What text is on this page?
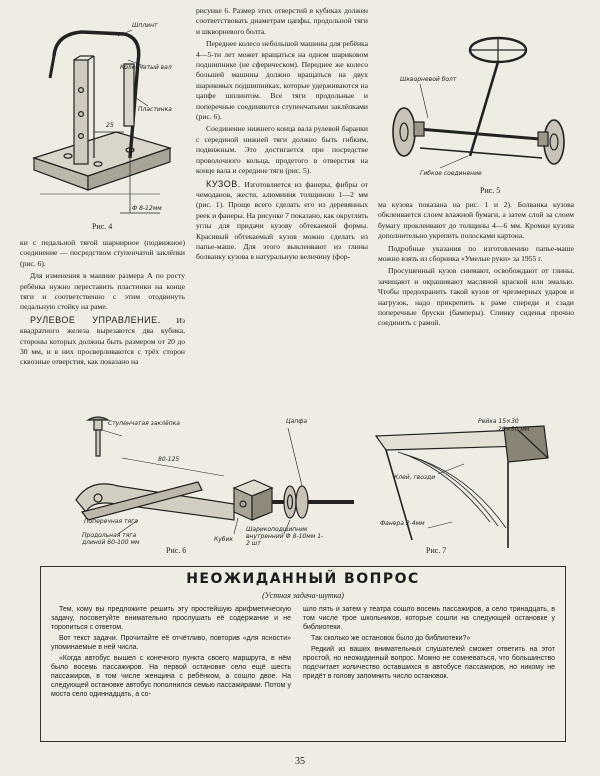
Шплинт
Коленчатый вал
Пластинка
25
Ф 8-12мм
Рис. 4

ки с педальной тягой шарнирное (подвижное) соединение — посредством ступенчатой заклёпки (рис. 6).

Для изменения в машине размера А по росту ребёнка нужно переставить пластинки на конце тяги и соответственно с этим отодвинуть педальную стойку на раме.

РУЛЕВОЕ УПРАВЛЕНИЕ. Из квадратного железа вырезаются два кубика, стороны которых должны быть размером от 20 до 30 мм, и в них просверливаются с трёх сторон сквозные отверстия, как показано на

рисунке 6. Размер этих отверстий в кубиках должен соответствовать диаметрам цапфы, продольной тяги и шкворневого болта.

Переднее колесо небольшой машины для ребёнка 4—5-ти лет может вращаться на одном шариковом подшипнике (не сферическом). Переднее же колесо большей машины должно вращаться на двух шариковых подшипниках, которые удерживаются на цапфе шплинтом. Все тяги продольные и поперечные соединяются ступенчатыми заклёпками (рис. 6).

Соединение нижнего конца вала рулевой баранки с серединой нижней тяги должно быть гибким, подвижным. Это достигается при посредстве проволочного кольца, продетого в отверстия на конце вала и середине тяги (рис. 5).

КУЗОВ. Изготовляется из фанеры, фибры от чемоданов, жести, алюминия толщиною 1—2 мм (рис. 1). Проще всего сделать его из деревянных реек и фанеры. На рисунке 7 показано, как округлять углы для придачи кузову обтекаемой формы. Красивый обтекаемый кузов можно сделать из папье-маше. Для этого выклеивают из глины болванку кузова в натуральную величину (фор-

Шкворневой болт
Гибкое соединение
Рис. 5

ма кузова показана на рис. 1 и 2). Болванка кузова обклеивается слоем влажной бумаги, а затем слой за слоем бумагу проклеивают до толщины 4—6 мм. Кромки кузова дополнительно укрепить полосками картона.

Подробные указания по изготовлению папье-маше можно взять из сборника «Умелые руки» за 1955 г.

Просушенный кузов снимают, освобождают от глины, зачищают и окрашивают масляной краской или эмалью. Чтобы предохранить такой кузов от чрезмерных ударов и нагрузок, надо прикрепить к раме спереди и сзади поперечные бруски (бамперы). Спинку сиденья прочно соединить с рамой.

Ступенчатая заклёпка
80-125
Поперечная тяга
Продольная тяга длиной 60-100 мм	Кубик
Шарикоподшипник внутренний Ф 8-10мм 1-2 шт
Цапфа
Рис. 6
Рейка 15×30
20×50 мм
Клей, гвозди
Фанера 2-4мм
Рис. 7
НЕОЖИДАННЫЙ ВОПРОС
(Устная задача-шутка)

Тем, кому вы предложите решить эту простейшую арифметическую задачу, посоветуйте внимательно прослушать её содержание и не торопиться с ответом.

Вот текст задачи. Прочитайте её отчётливо, повторив «для ясности» упоминаемые в ней числа.

«Когда автобус вышел с конечного пункта своего маршрута, в нём было восемь пассажиров. На первой остановке село ещё шесть пассажиров, в том числе женщина с ребёнком, а сошло двое. На следующей остановке автобус пополнился семью пассажирами. Потом у моста село одиннадцать, а со-

шло пять и затем у театра сошло восемь пассажиров, а село тринадцать, в том числе трое школьников, которые сошли на следующей остановке у библиотеки.

Так сколько же остановок было до библиотеки?»

Редкий из ваших внимательных слушателей сможет ответить на этот простой, но неожиданный вопрос. Можно не сомневаться, что большинство подсчитает количество оставшихся в автобусе пассажиров, но никому не придёт в голову запомнить число остановок.

35
